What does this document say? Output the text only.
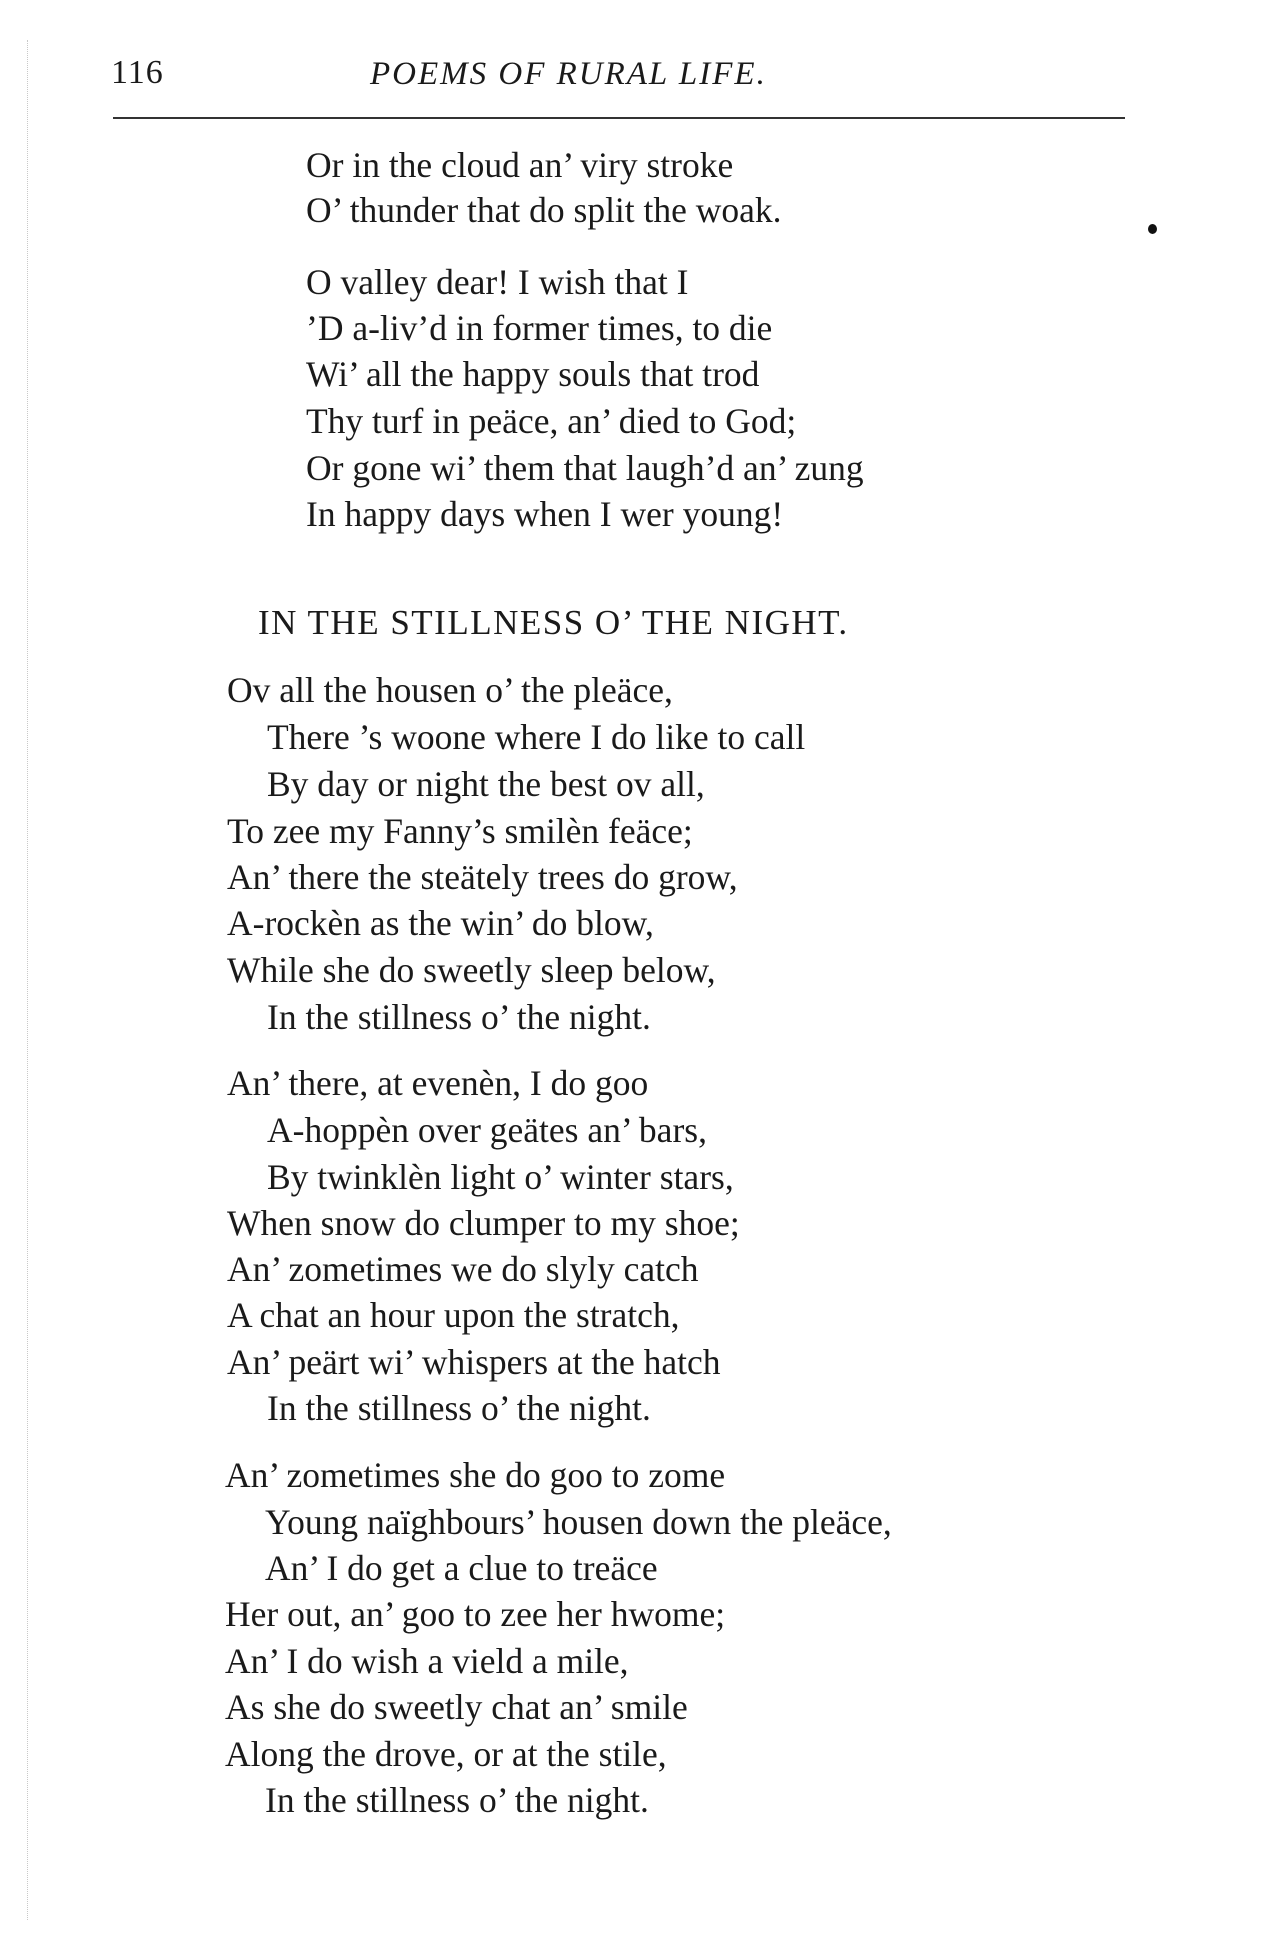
116	POEMS OF RURAL LIFE.
Or in the cloud an’ viry stroke
O’ thunder that do split the woak.
O valley dear! I wish that I
’D a-liv’d in former times, to die
Wi’ all the happy souls that trod
Thy turf in peäce, an’ died to God;
Or gone wi’ them that laugh’d an’ zung
In happy days when I wer young!
IN THE STILLNESS O’ THE NIGHT.
Ov all the housen o’ the pleäce,
There ’s woone where I do like to call
By day or night the best ov all,
To zee my Fanny’s smilèn feäce;
An’ there the steätely trees do grow,
A-rockèn as the win’ do blow,
While she do sweetly sleep below,
In the stillness o’ the night.
An’ there, at evenèn, I do goo
A-hoppèn over geätes an’ bars,
By twinklèn light o’ winter stars,
When snow do clumper to my shoe;
An’ zometimes we do slyly catch
A chat an hour upon the stratch,
An’ peärt wi’ whispers at the hatch
In the stillness o’ the night.
An’ zometimes she do goo to zome
Young naïghbours’ housen down the pleäce,
An’ I do get a clue to treäce
Her out, an’ goo to zee her hwome;
An’ I do wish a vield a mile,
As she do sweetly chat an’ smile
Along the drove, or at the stile,
In the stillness o’ the night.
